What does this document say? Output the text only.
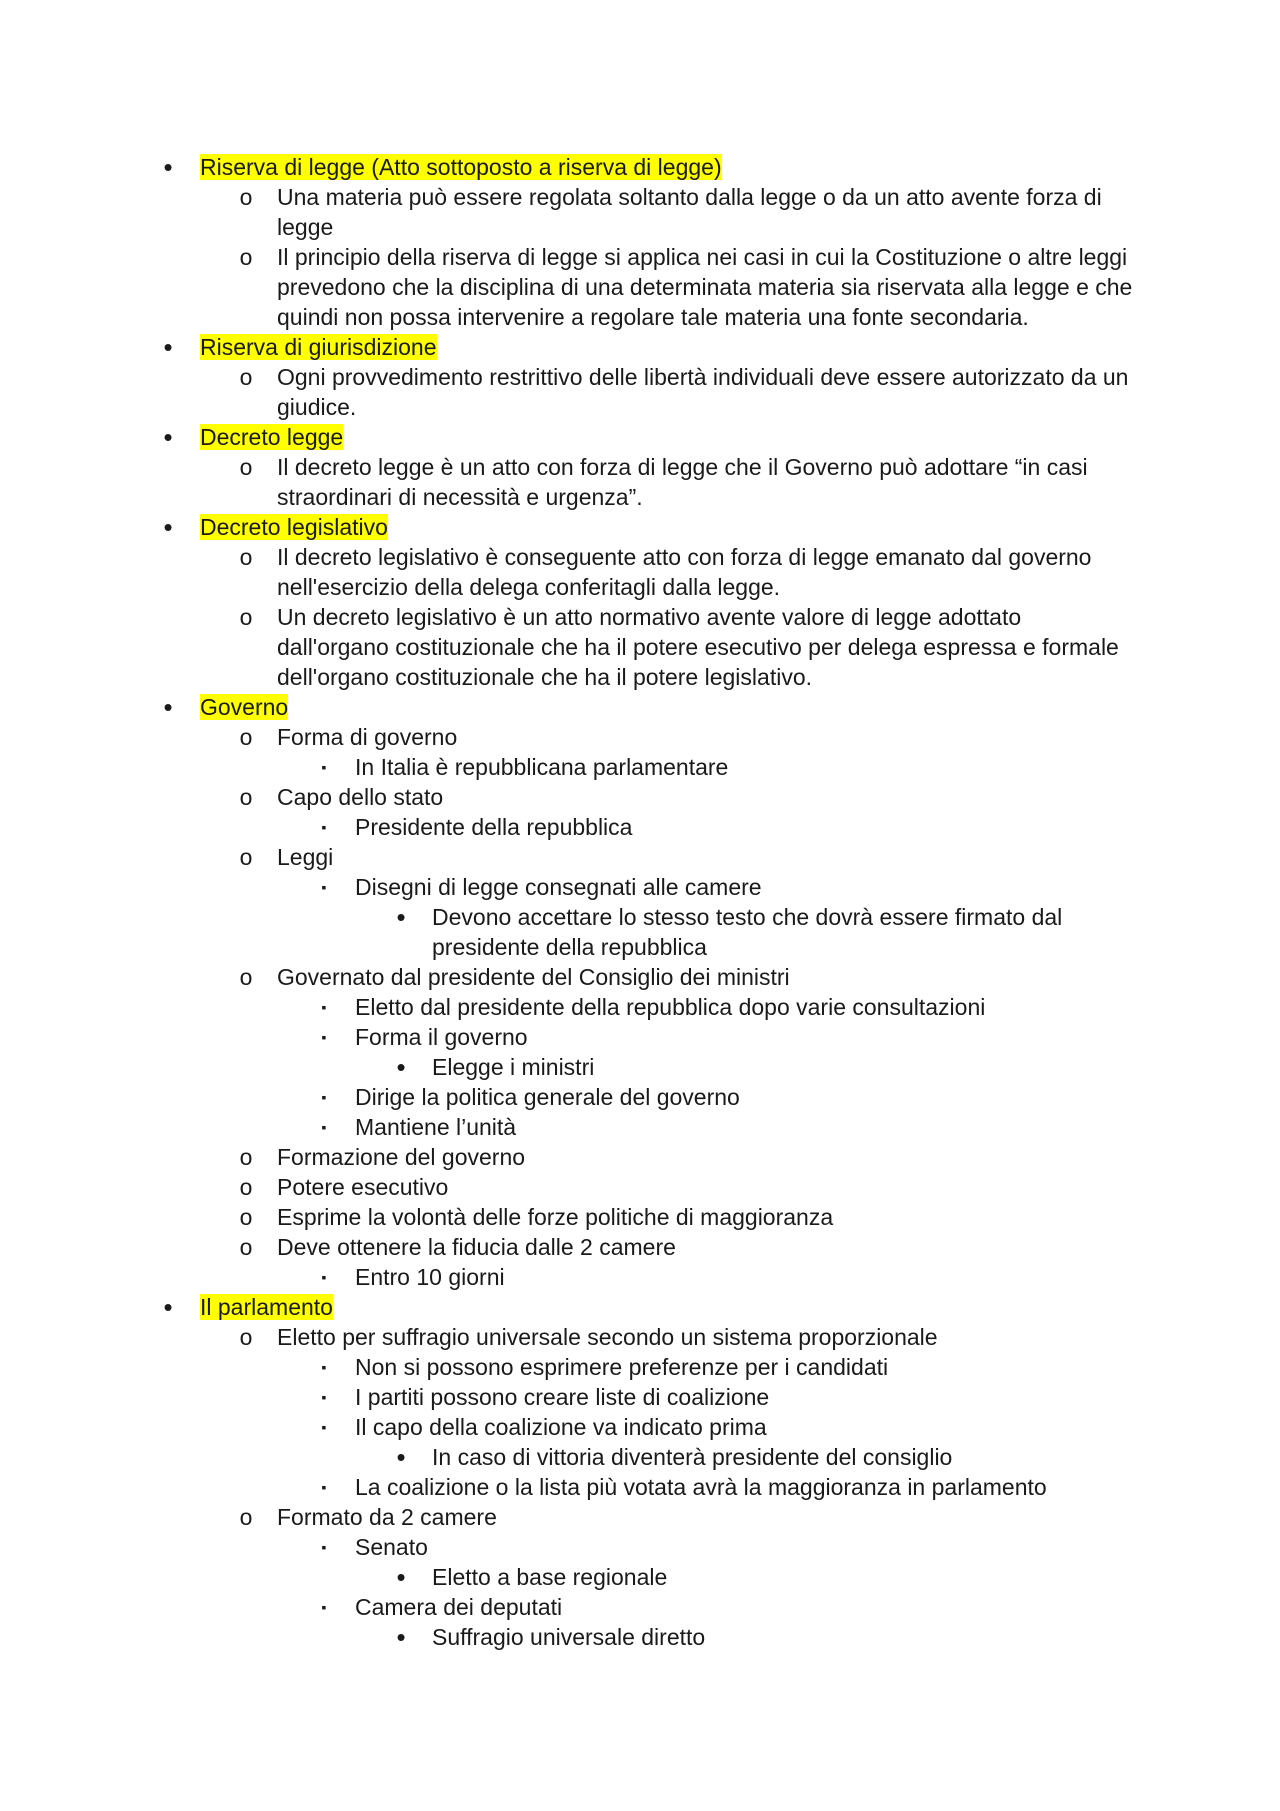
• Riserva di legge (Atto sottoposto a riserva di legge)
o Una materia può essere regolata soltanto dalla legge o da un atto avente forza di
legge
o Il principio della riserva di legge si applica nei casi in cui la Costituzione o altre leggi
prevedono che la disciplina di una determinata materia sia riservata alla legge e che
quindi non possa intervenire a regolare tale materia una fonte secondaria.
• Riserva di giurisdizione
o Ogni provvedimento restrittivo delle libertà individuali deve essere autorizzato da un
giudice.
• Decreto legge
o Il decreto legge è un atto con forza di legge che il Governo può adottare “in casi
straordinari di necessità e urgenza”.
• Decreto legislativo
o Il decreto legislativo è conseguente atto con forza di legge emanato dal governo
nell'esercizio della delega conferitagli dalla legge.
o Un decreto legislativo è un atto normativo avente valore di legge adottato
dall'organo costituzionale che ha il potere esecutivo per delega espressa e formale
dell'organo costituzionale che ha il potere legislativo.
• Governo
o Forma di governo
▪	In Italia è repubblicana parlamentare
o Capo dello stato
▪	Presidente della repubblica
o Leggi
▪	Disegni di legge consegnati alle camere
• Devono accettare lo stesso testo che dovrà essere firmato dal
presidente della repubblica
o Governato dal presidente del Consiglio dei ministri
▪	Eletto dal presidente della repubblica dopo varie consultazioni
▪	Forma il governo
• Elegge i ministri
▪	Dirige la politica generale del governo
▪	Mantiene l’unità
o Formazione del governo
o Potere esecutivo
o Esprime la volontà delle forze politiche di maggioranza
o Deve ottenere la fiducia dalle 2 camere
▪	Entro 10 giorni
• Il parlamento
o Eletto per suffragio universale secondo un sistema proporzionale
▪	Non si possono esprimere preferenze per i candidati
▪	I partiti possono creare liste di coalizione
▪	Il capo della coalizione va indicato prima
• In caso di vittoria diventerà presidente del consiglio
▪	La coalizione o la lista più votata avrà la maggioranza in parlamento
o Formato da 2 camere
▪	Senato
• Eletto a base regionale
▪	Camera dei deputati
• Suffragio universale diretto
